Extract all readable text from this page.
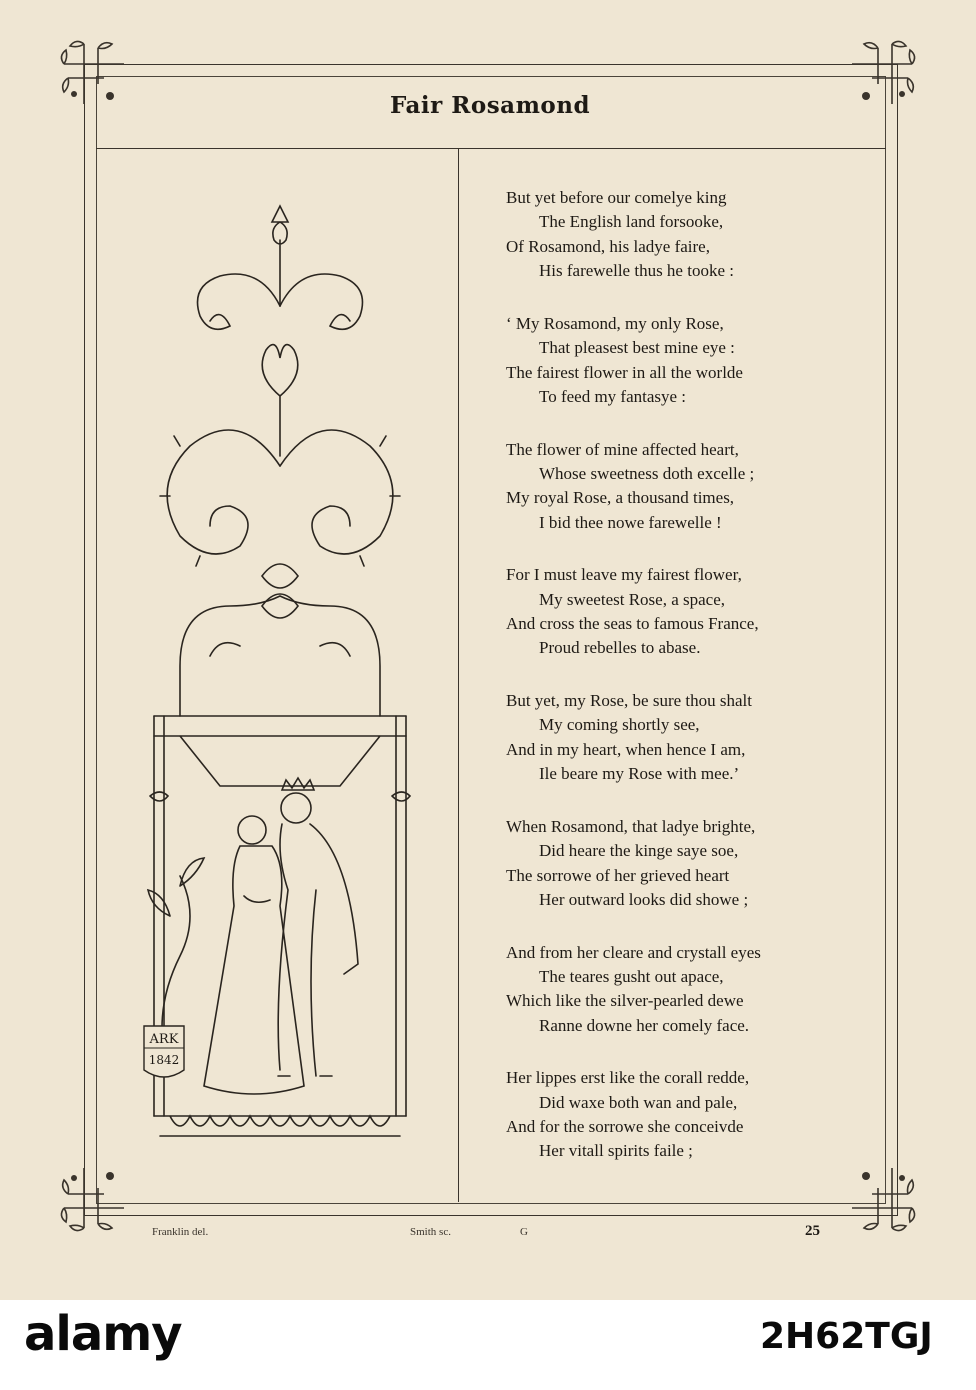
Fair Rosamond
ARK
1842
But yet before our comelye king
The English land forsooke,
Of Rosamond, his ladye faire,
His farewelle thus he tooke :
‘ My Rosamond, my only Rose,
That pleasest best mine eye :
The fairest flower in all the worlde
To feed my fantasye :
The flower of mine affected heart,
Whose sweetness doth excelle ;
My royal Rose, a thousand times,
I bid thee nowe farewelle !
For I must leave my fairest flower,
My sweetest Rose, a space,
And cross the seas to famous France,
Proud rebelles to abase.
But yet, my Rose, be sure thou shalt
My coming shortly see,
And in my heart, when hence I am,
Ile beare my Rose with mee.’
When Rosamond, that ladye brighte,
Did heare the kinge saye soe,
The sorrowe of her grieved heart
Her outward looks did showe ;
And from her cleare and crystall eyes
The teares gusht out apace,
Which like the silver-pearled dewe
Ranne downe her comely face.
Her lippes erst like the corall redde,
Did waxe both wan and pale,
And for the sorrowe she conceivde
Her vitall spirits faile ;
Franklin del.	Smith sc.	G	25
alamy	2H62TGJ
